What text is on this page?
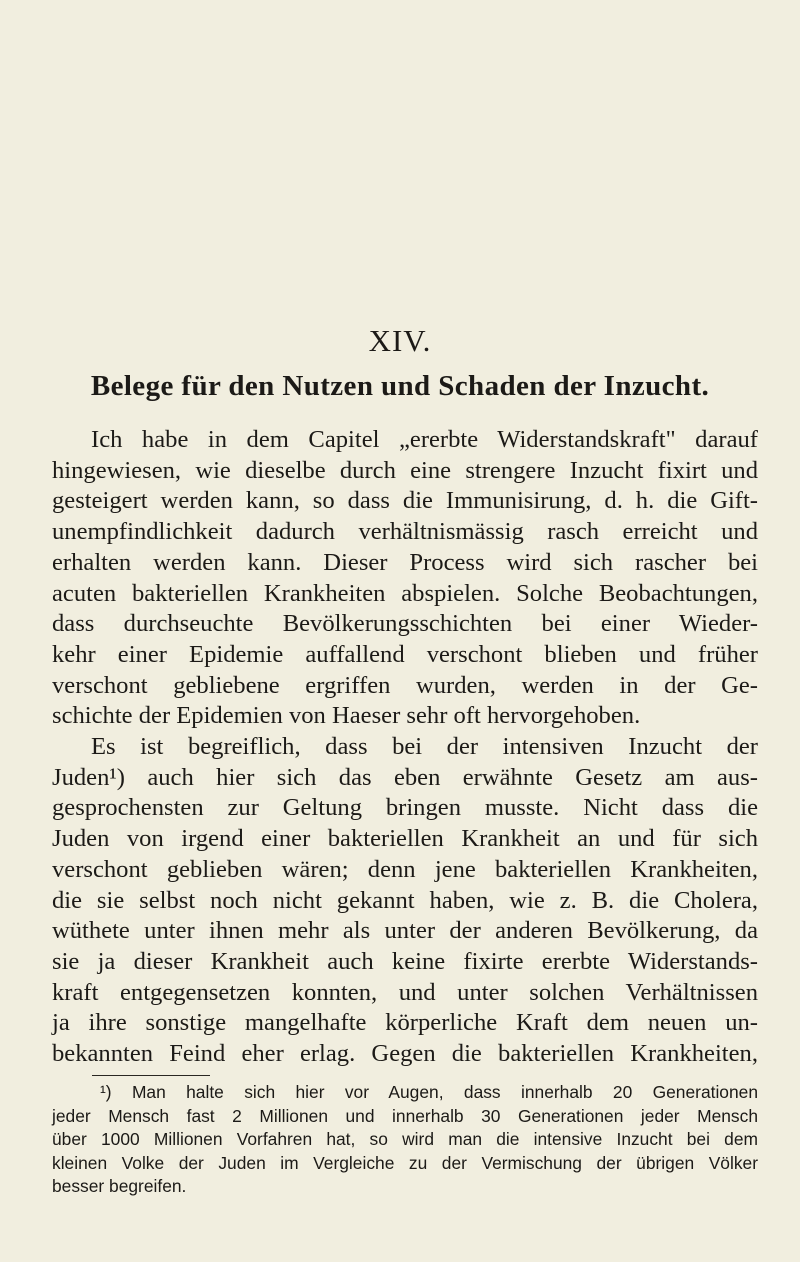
XIV.
Belege für den Nutzen und Schaden der Inzucht.
Ich habe in dem Capitel „ererbte Widerstandskraft" darauf
hingewiesen, wie dieselbe durch eine strengere Inzucht fixirt und
gesteigert werden kann, so dass die Immunisirung, d. h. die Gift-
unempfindlichkeit dadurch verhältnismässig rasch erreicht und
erhalten werden kann. Dieser Process wird sich rascher bei
acuten bakteriellen Krankheiten abspielen. Solche Beobachtungen,
dass durchseuchte Bevölkerungsschichten bei einer Wieder-
kehr einer Epidemie auffallend verschont blieben und früher
verschont gebliebene ergriffen wurden, werden in der Ge-
schichte der Epidemien von Haeser sehr oft hervorgehoben.
Es ist begreiflich, dass bei der intensiven Inzucht der
Juden¹) auch hier sich das eben erwähnte Gesetz am aus-
gesprochensten zur Geltung bringen musste. Nicht dass die
Juden von irgend einer bakteriellen Krankheit an und für sich
verschont geblieben wären; denn jene bakteriellen Krankheiten,
die sie selbst noch nicht gekannt haben, wie z. B. die Cholera,
wüthete unter ihnen mehr als unter der anderen Bevölkerung, da
sie ja dieser Krankheit auch keine fixirte ererbte Widerstands-
kraft entgegensetzen konnten, und unter solchen Verhältnissen
ja ihre sonstige mangelhafte körperliche Kraft dem neuen un-
bekannten Feind eher erlag. Gegen die bakteriellen Krankheiten,
¹) Man halte sich hier vor Augen, dass innerhalb 20 Generationen
jeder Mensch fast 2 Millionen und innerhalb 30 Generationen jeder Mensch
über 1000 Millionen Vorfahren hat, so wird man die intensive Inzucht bei dem
kleinen Volke der Juden im Vergleiche zu der Vermischung der übrigen Völker
besser begreifen.
